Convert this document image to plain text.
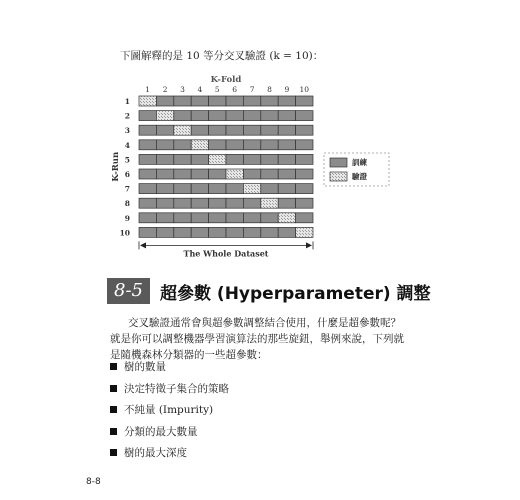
下圖解釋的是 10 等分交叉驗證 (k = 10)：
K-Fold
1 2 3 4 5 6 7 8 9 10
1
2
3
4
5
6
7
8
9
10
K-Run
The Whole Dataset
訓練
驗證
8-5	超參數 (Hyperparameter) 調整
交叉驗證通常會與超參數調整結合使用，什麼是超參數呢？就是你可以調整機器學習演算法的那些旋鈕，舉例來說，下列就是隨機森林分類器的一些超參數：
樹的數量
決定特徵子集合的策略
不純量 (Impurity)
分類的最大數量
樹的最大深度
8-8
